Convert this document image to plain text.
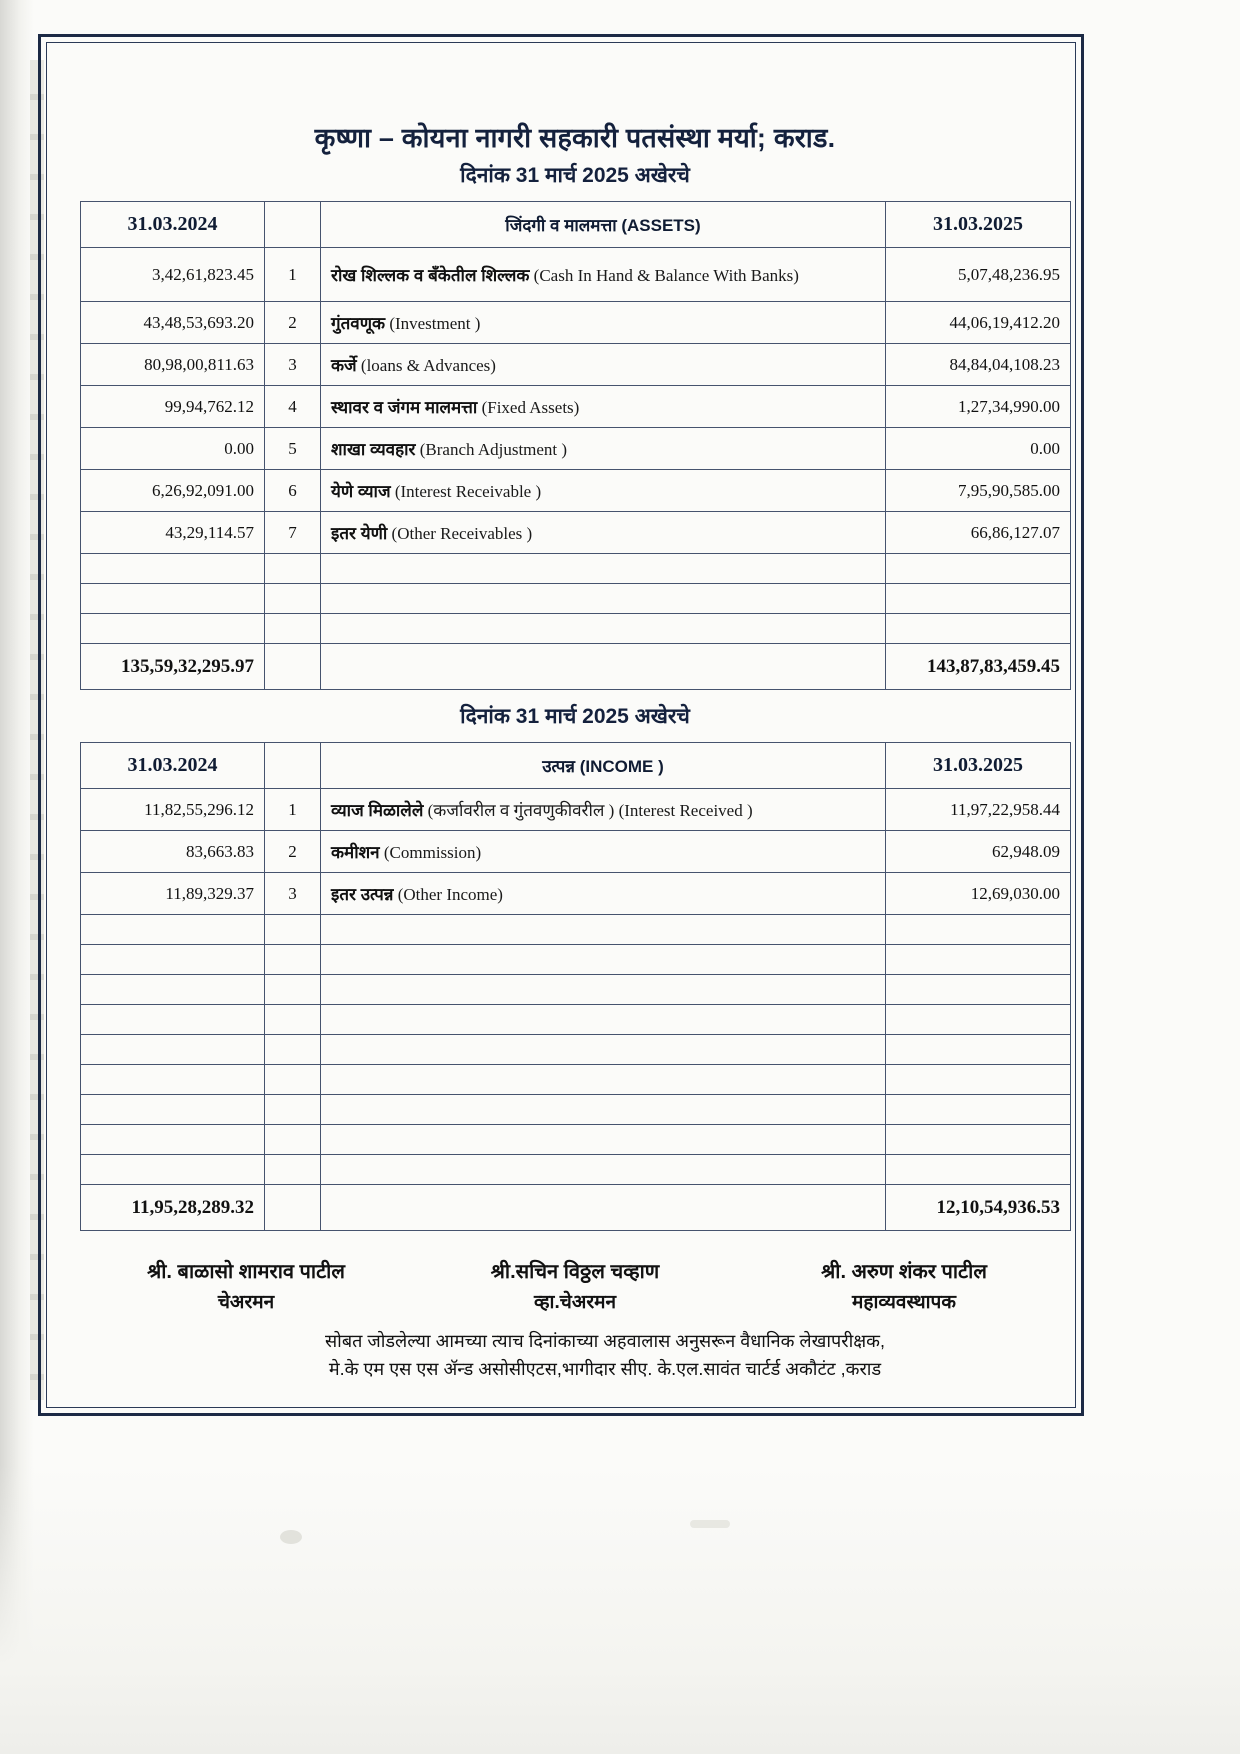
कृष्णा – कोयना नागरी सहकारी पतसंस्था मर्या; कराड.
दिनांक 31 मार्च 2025 अखेरचे
31.03.2024		जिंदगी व मालमत्ता (ASSETS)	31.03.2025
3,42,61,823.45	1	रोख शिल्लक व बँकेतील शिल्लक (Cash In Hand & Balance With Banks)	5,07,48,236.95
43,48,53,693.20	2	गुंतवणूक (Investment )	44,06,19,412.20
80,98,00,811.63	3	कर्जे (loans & Advances)	84,84,04,108.23
99,94,762.12	4	स्थावर व जंगम मालमत्ता (Fixed Assets)	1,27,34,990.00
0.00	5	शाखा व्यवहार (Branch Adjustment )	0.00
6,26,92,091.00	6	येणे व्याज (Interest Receivable )	7,95,90,585.00
43,29,114.57	7	इतर येणी (Other Receivables )	66,86,127.07

135,59,32,295.97			143,87,83,459.45
दिनांक 31 मार्च 2025 अखेरचे
31.03.2024		उत्पन्न (INCOME )	31.03.2025
11,82,55,296.12	1	व्याज मिळालेले (कर्जावरील व गुंतवणुकीवरील ) (Interest Received )	11,97,22,958.44
83,663.83	2	कमीशन (Commission)	62,948.09
11,89,329.37	3	इतर उत्पन्न (Other Income)	12,69,030.00

11,95,28,289.32			12,10,54,936.53
श्री. बाळासो शामराव पाटील
चेअरमन
श्री.सचिन विठ्ठल चव्हाण
व्हा.चेअरमन
श्री. अरुण शंकर पाटील
महाव्यवस्थापक
सोबत जोडलेल्या आमच्या त्याच दिनांकाच्या अहवालास अनुसरून वैधानिक लेखापरीक्षक,
मे.के एम एस एस ॲन्ड असोसीएटस,भागीदार सीए. के.एल.सावंत चार्टर्ड अकौटंट ,कराड
